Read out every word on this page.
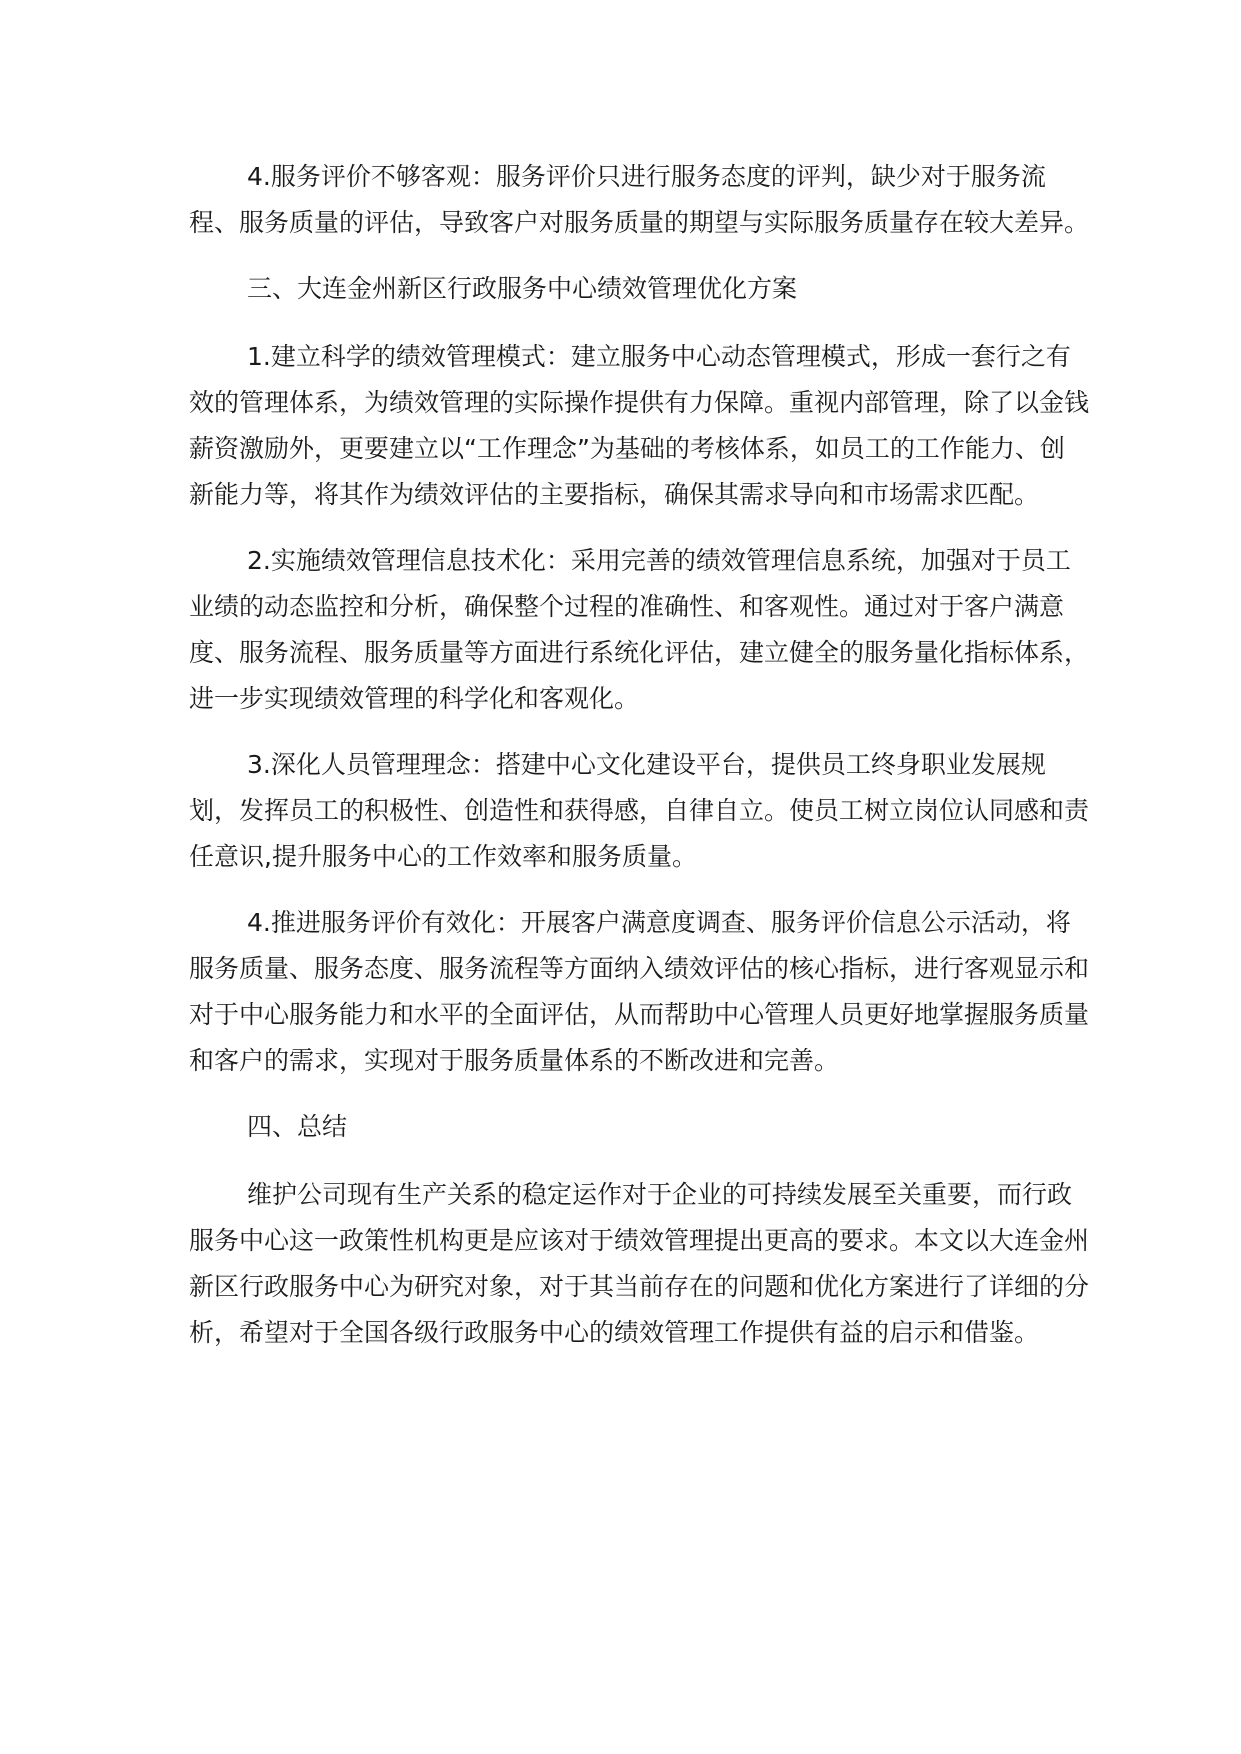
4.服务评价不够客观：服务评价只进行服务态度的评判，缺少对于服务流程、服务质量的评估，导致客户对服务质量的期望与实际服务质量存在较大差异。

三、大连金州新区行政服务中心绩效管理优化方案

1.建立科学的绩效管理模式：建立服务中心动态管理模式，形成一套行之有效的管理体系，为绩效管理的实际操作提供有力保障。重视内部管理，除了以金钱薪资激励外，更要建立以“工作理念”为基础的考核体系，如员工的工作能力、创新能力等，将其作为绩效评估的主要指标，确保其需求导向和市场需求匹配。

2.实施绩效管理信息技术化：采用完善的绩效管理信息系统，加强对于员工业绩的动态监控和分析，确保整个过程的准确性、和客观性。通过对于客户满意度、服务流程、服务质量等方面进行系统化评估，建立健全的服务量化指标体系，进一步实现绩效管理的科学化和客观化。

3.深化人员管理理念：搭建中心文化建设平台，提供员工终身职业发展规划，发挥员工的积极性、创造性和获得感，自律自立。使员工树立岗位认同感和责任意识,提升服务中心的工作效率和服务质量。

4.推进服务评价有效化：开展客户满意度调查、服务评价信息公示活动，将服务质量、服务态度、服务流程等方面纳入绩效评估的核心指标，进行客观显示和对于中心服务能力和水平的全面评估，从而帮助中心管理人员更好地掌握服务质量和客户的需求，实现对于服务质量体系的不断改进和完善。

四、总结

维护公司现有生产关系的稳定运作对于企业的可持续发展至关重要，而行政服务中心这一政策性机构更是应该对于绩效管理提出更高的要求。本文以大连金州新区行政服务中心为研究对象，对于其当前存在的问题和优化方案进行了详细的分析，希望对于全国各级行政服务中心的绩效管理工作提供有益的启示和借鉴。
